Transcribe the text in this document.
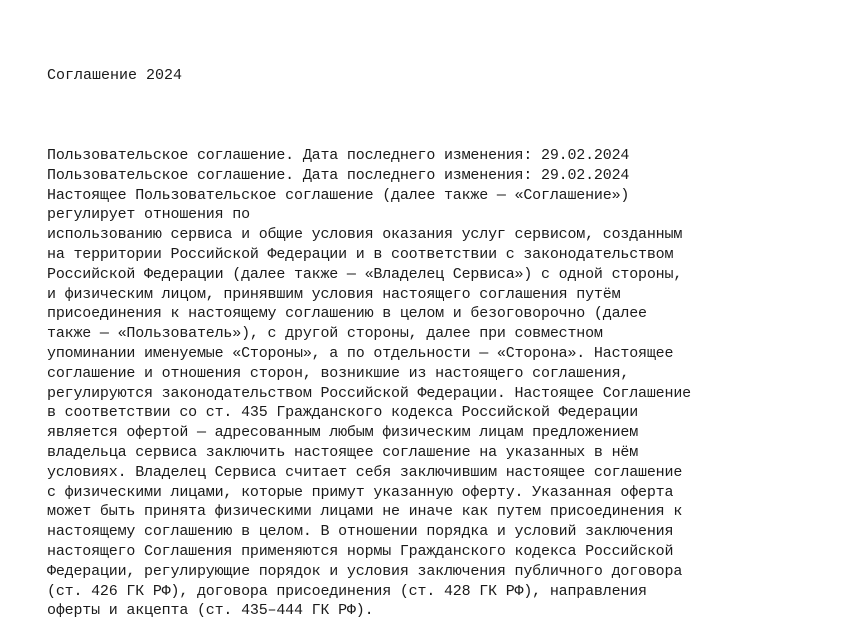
Соглашение 2024
Пользовательское соглашение. Дата последнего изменения: 29.02.2024
Пользовательское соглашение. Дата последнего изменения: 29.02.2024
Настоящее Пользовательское соглашение (далее также — «Соглашение»)
регулирует отношения по
использованию сервиса и общие условия оказания услуг сервисом, созданным
на территории Российской Федерации и в соответствии с законодательством
Российской Федерации (далее также — «Владелец Сервиса») с одной стороны,
и физическим лицом, принявшим условия настоящего соглашения путём
присоединения к настоящему соглашению в целом и безоговорочно (далее
также — «Пользователь»), с другой стороны, далее при совместном
упоминании именуемые «Стороны», а по отдельности — «Сторона». Настоящее
соглашение и отношения сторон, возникшие из настоящего соглашения,
регулируются законодательством Российской Федерации. Настоящее Соглашение
в соответствии со ст. 435 Гражданского кодекса Российской Федерации
является офертой — адресованным любым физическим лицам предложением
владельца сервиса заключить настоящее соглашение на указанных в нём
условиях. Владелец Сервиса считает себя заключившим настоящее соглашение
с физическими лицами, которые примут указанную оферту. Указанная оферта
может быть принята физическими лицами не иначе как путем присоединения к
настоящему соглашению в целом. В отношении порядка и условий заключения
настоящего Соглашения применяются нормы Гражданского кодекса Российской
Федерации, регулирующие порядок и условия заключения публичного договора
(ст. 426 ГК РФ), договора присоединения (ст. 428 ГК РФ), направления
оферты и акцепта (ст. 435–444 ГК РФ).
